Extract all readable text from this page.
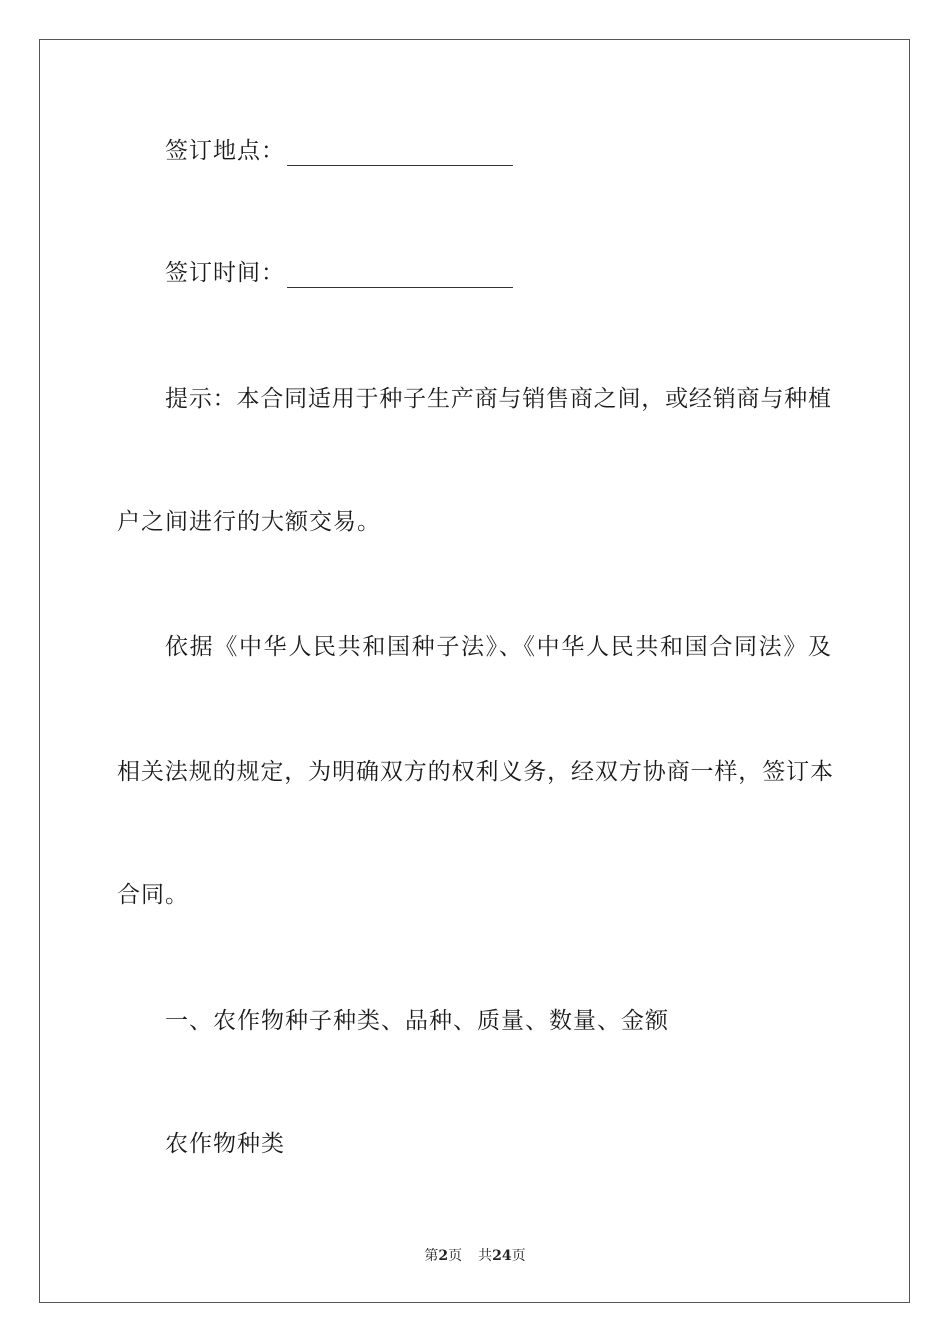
签订地点：
签订时间：
提示：本合同适用于种子生产商与销售商之间，或经销商与种植
户之间进行的大额交易。
依据《中华人民共和国种子法》、《中华人民共和国合同法》及
相关法规的规定，为明确双方的权利义务，经双方协商一样，签订本
合同。
一、农作物种子种类、品种、质量、数量、金额
农作物种类
第2页 共24页
